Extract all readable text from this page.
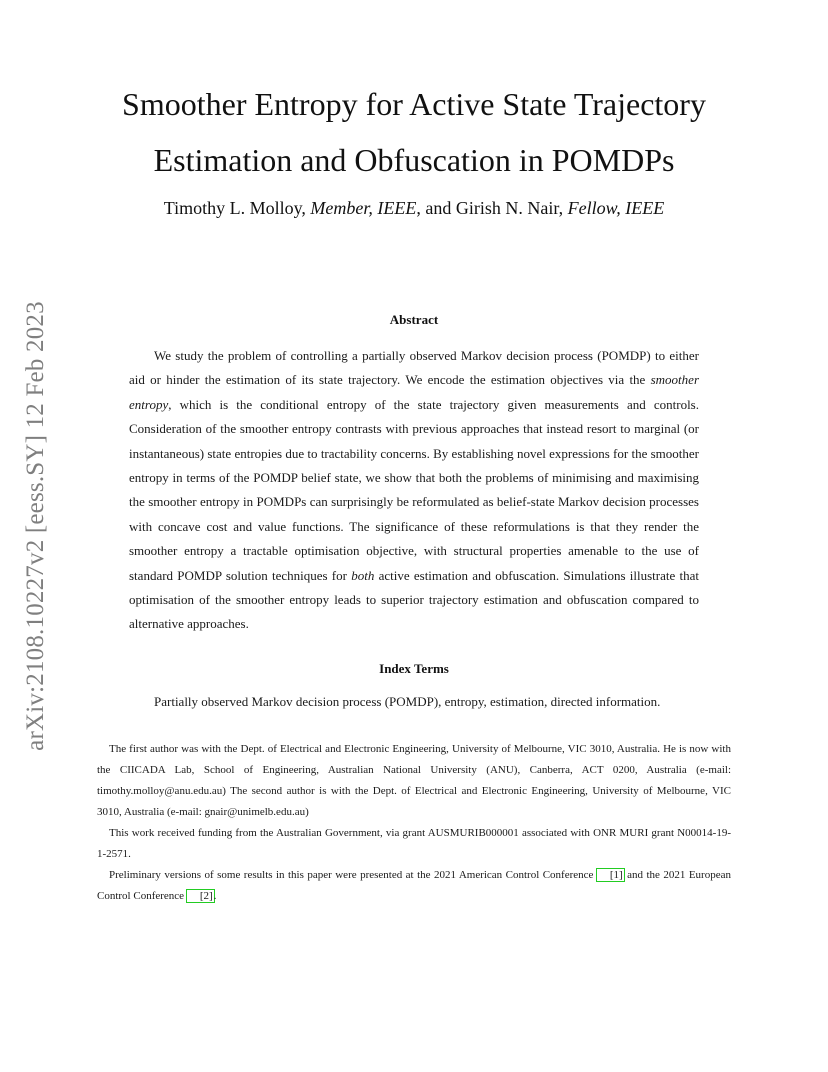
arXiv:2108.10227v2 [eess.SY] 12 Feb 2023
Smoother Entropy for Active State Trajectory
Estimation and Obfuscation in POMDPs
Timothy L. Molloy, Member, IEEE, and Girish N. Nair, Fellow, IEEE
Abstract

We study the problem of controlling a partially observed Markov decision process (POMDP) to either aid or hinder the estimation of its state trajectory. We encode the estimation objectives via the smoother entropy, which is the conditional entropy of the state trajectory given measurements and controls. Consideration of the smoother entropy contrasts with previous approaches that instead resort to marginal (or instantaneous) state entropies due to tractability concerns. By establishing novel expressions for the smoother entropy in terms of the POMDP belief state, we show that both the problems of minimising and maximising the smoother entropy in POMDPs can surprisingly be reformulated as belief-state Markov decision processes with concave cost and value functions. The significance of these reformulations is that they render the smoother entropy a tractable optimisation objective, with structural properties amenable to the use of standard POMDP solution techniques for both active estimation and obfuscation. Simulations illustrate that optimisation of the smoother entropy leads to superior trajectory estimation and obfuscation compared to alternative approaches.

Index Terms
Partially observed Markov decision process (POMDP), entropy, estimation, directed information.

The first author was with the Dept. of Electrical and Electronic Engineering, University of Melbourne, VIC 3010, Australia. He is now with the CIICADA Lab, School of Engineering, Australian National University (ANU), Canberra, ACT 0200, Australia (e-mail: timothy.molloy@anu.edu.au) The second author is with the Dept. of Electrical and Electronic Engineering, University of Melbourne, VIC 3010, Australia (e-mail: gnair@unimelb.edu.au)

This work received funding from the Australian Government, via grant AUSMURIB000001 associated with ONR MURI grant N00014-19-1-2571.

Preliminary versions of some results in this paper were presented at the 2021 American Control Conference [1] and the 2021 European Control Conference [2].
